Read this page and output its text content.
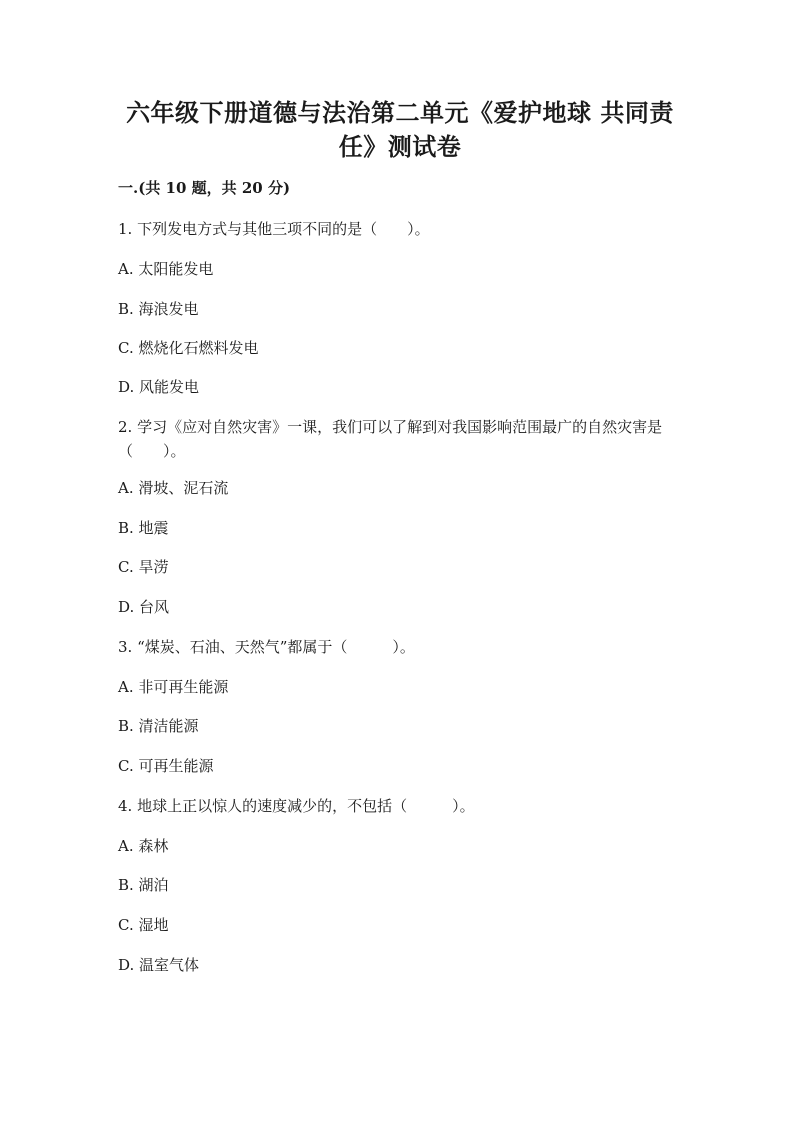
六年级下册道德与法治第二单元《爱护地球 共同责任》测试卷
一.(共 10 题，共 20 分)
1. 下列发电方式与其他三项不同的是（　　）。
A. 太阳能发电
B. 海浪发电
C. 燃烧化石燃料发电
D. 风能发电
2. 学习《应对自然灾害》一课，我们可以了解到对我国影响范围最广的自然灾害是（　　）。
A. 滑坡、泥石流
B. 地震
C. 旱涝
D. 台风
3. “煤炭、石油、天然气”都属于（　　　）。
A. 非可再生能源
B. 清洁能源
C. 可再生能源
4. 地球上正以惊人的速度减少的，不包括（　　　）。
A. 森林
B. 湖泊
C. 湿地
D. 温室气体
